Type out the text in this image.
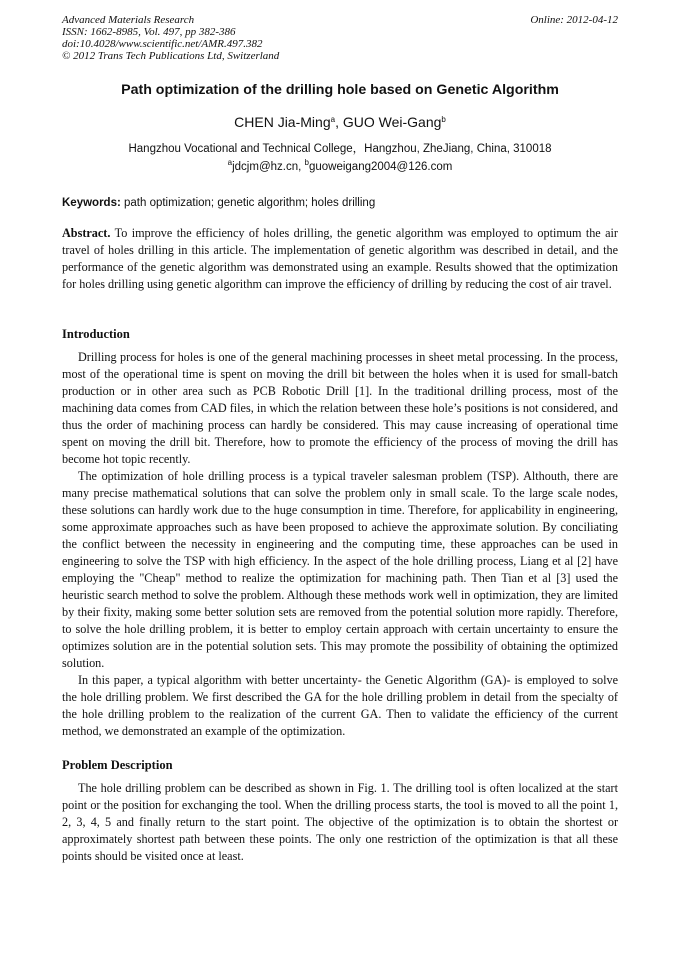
Advanced Materials Research
ISSN: 1662-8985, Vol. 497, pp 382-386
doi:10.4028/www.scientific.net/AMR.497.382
© 2012 Trans Tech Publications Ltd, Switzerland
Online: 2012-04-12
Path optimization of the drilling hole based on Genetic Algorithm
CHEN Jia-Ming$^a$, GUO Wei-Gang$^b$
Hangzhou Vocational and Technical College，Hangzhou, ZheJiang, China, 310018
$^a$jdcjm@hz.cn, $^b$guoweigang2004@126.com
Keywords: path optimization; genetic algorithm; holes drilling
Abstract. To improve the efficiency of holes drilling, the genetic algorithm was employed to optimum the air travel of holes drilling in this article. The implementation of genetic algorithm was described in detail, and the performance of the genetic algorithm was demonstrated using an example. Results showed that the optimization for holes drilling using genetic algorithm can improve the efficiency of drilling by reducing the cost of air travel.
Introduction

Drilling process for holes is one of the general machining processes in sheet metal processing. In the process, most of the operational time is spent on moving the drill bit between the holes when it is used for small-batch production or in other area such as PCB Robotic Drill [1]. In the traditional drilling process, most of the machining data comes from CAD files, in which the relation between these hole’s positions is not considered, and thus the order of machining process can hardly be considered. This may cause increasing of operational time spent on moving the drill bit. Therefore, how to promote the efficiency of the process of moving the drill has become hot topic recently.

The optimization of hole drilling process is a typical traveler salesman problem (TSP). Althouth, there are many precise mathematical solutions that can solve the problem only in small scale. To the large scale nodes, these solutions can hardly work due to the huge consumption in time. Therefore, for applicability in engineering, some approximate approaches such as have been proposed to achieve the approximate solution. By conciliating the conflict between the necessity in engineering and the computing time, these approaches can be used in engineering to solve the TSP with high efficiency. In the aspect of the hole drilling process, Liang et al [2] have employing the "Cheap" method to realize the optimization for machining path. Then Tian et al [3] used the heuristic search method to solve the problem. Although these methods work well in optimization, they are limited by their fixity, making some better solution sets are removed from the potential solution more rapidly. Therefore, to solve the hole drilling problem, it is better to employ certain approach with certain uncertainty to ensure the optimizes solution are in the potential solution sets. This may promote the possibility of obtaining the optimized solution.

In this paper, a typical algorithm with better uncertainty- the Genetic Algorithm (GA)- is employed to solve the hole drilling problem. We first described the GA for the hole drilling problem in detail from the specialty of the hole drilling problem to the realization of the current GA. Then to validate the efficiency of the current method, we demonstrated an example of the optimization.

Problem Description

The hole drilling problem can be described as shown in Fig. 1. The drilling tool is often localized at the start point or the position for exchanging the tool. When the drilling process starts, the tool is moved to all the point 1, 2, 3, 4, 5 and finally return to the start point. The objective of the optimization is to obtain the shortest or approximately shortest path between these points. The only one restriction of the optimization is that all these points should be visited once at least.
